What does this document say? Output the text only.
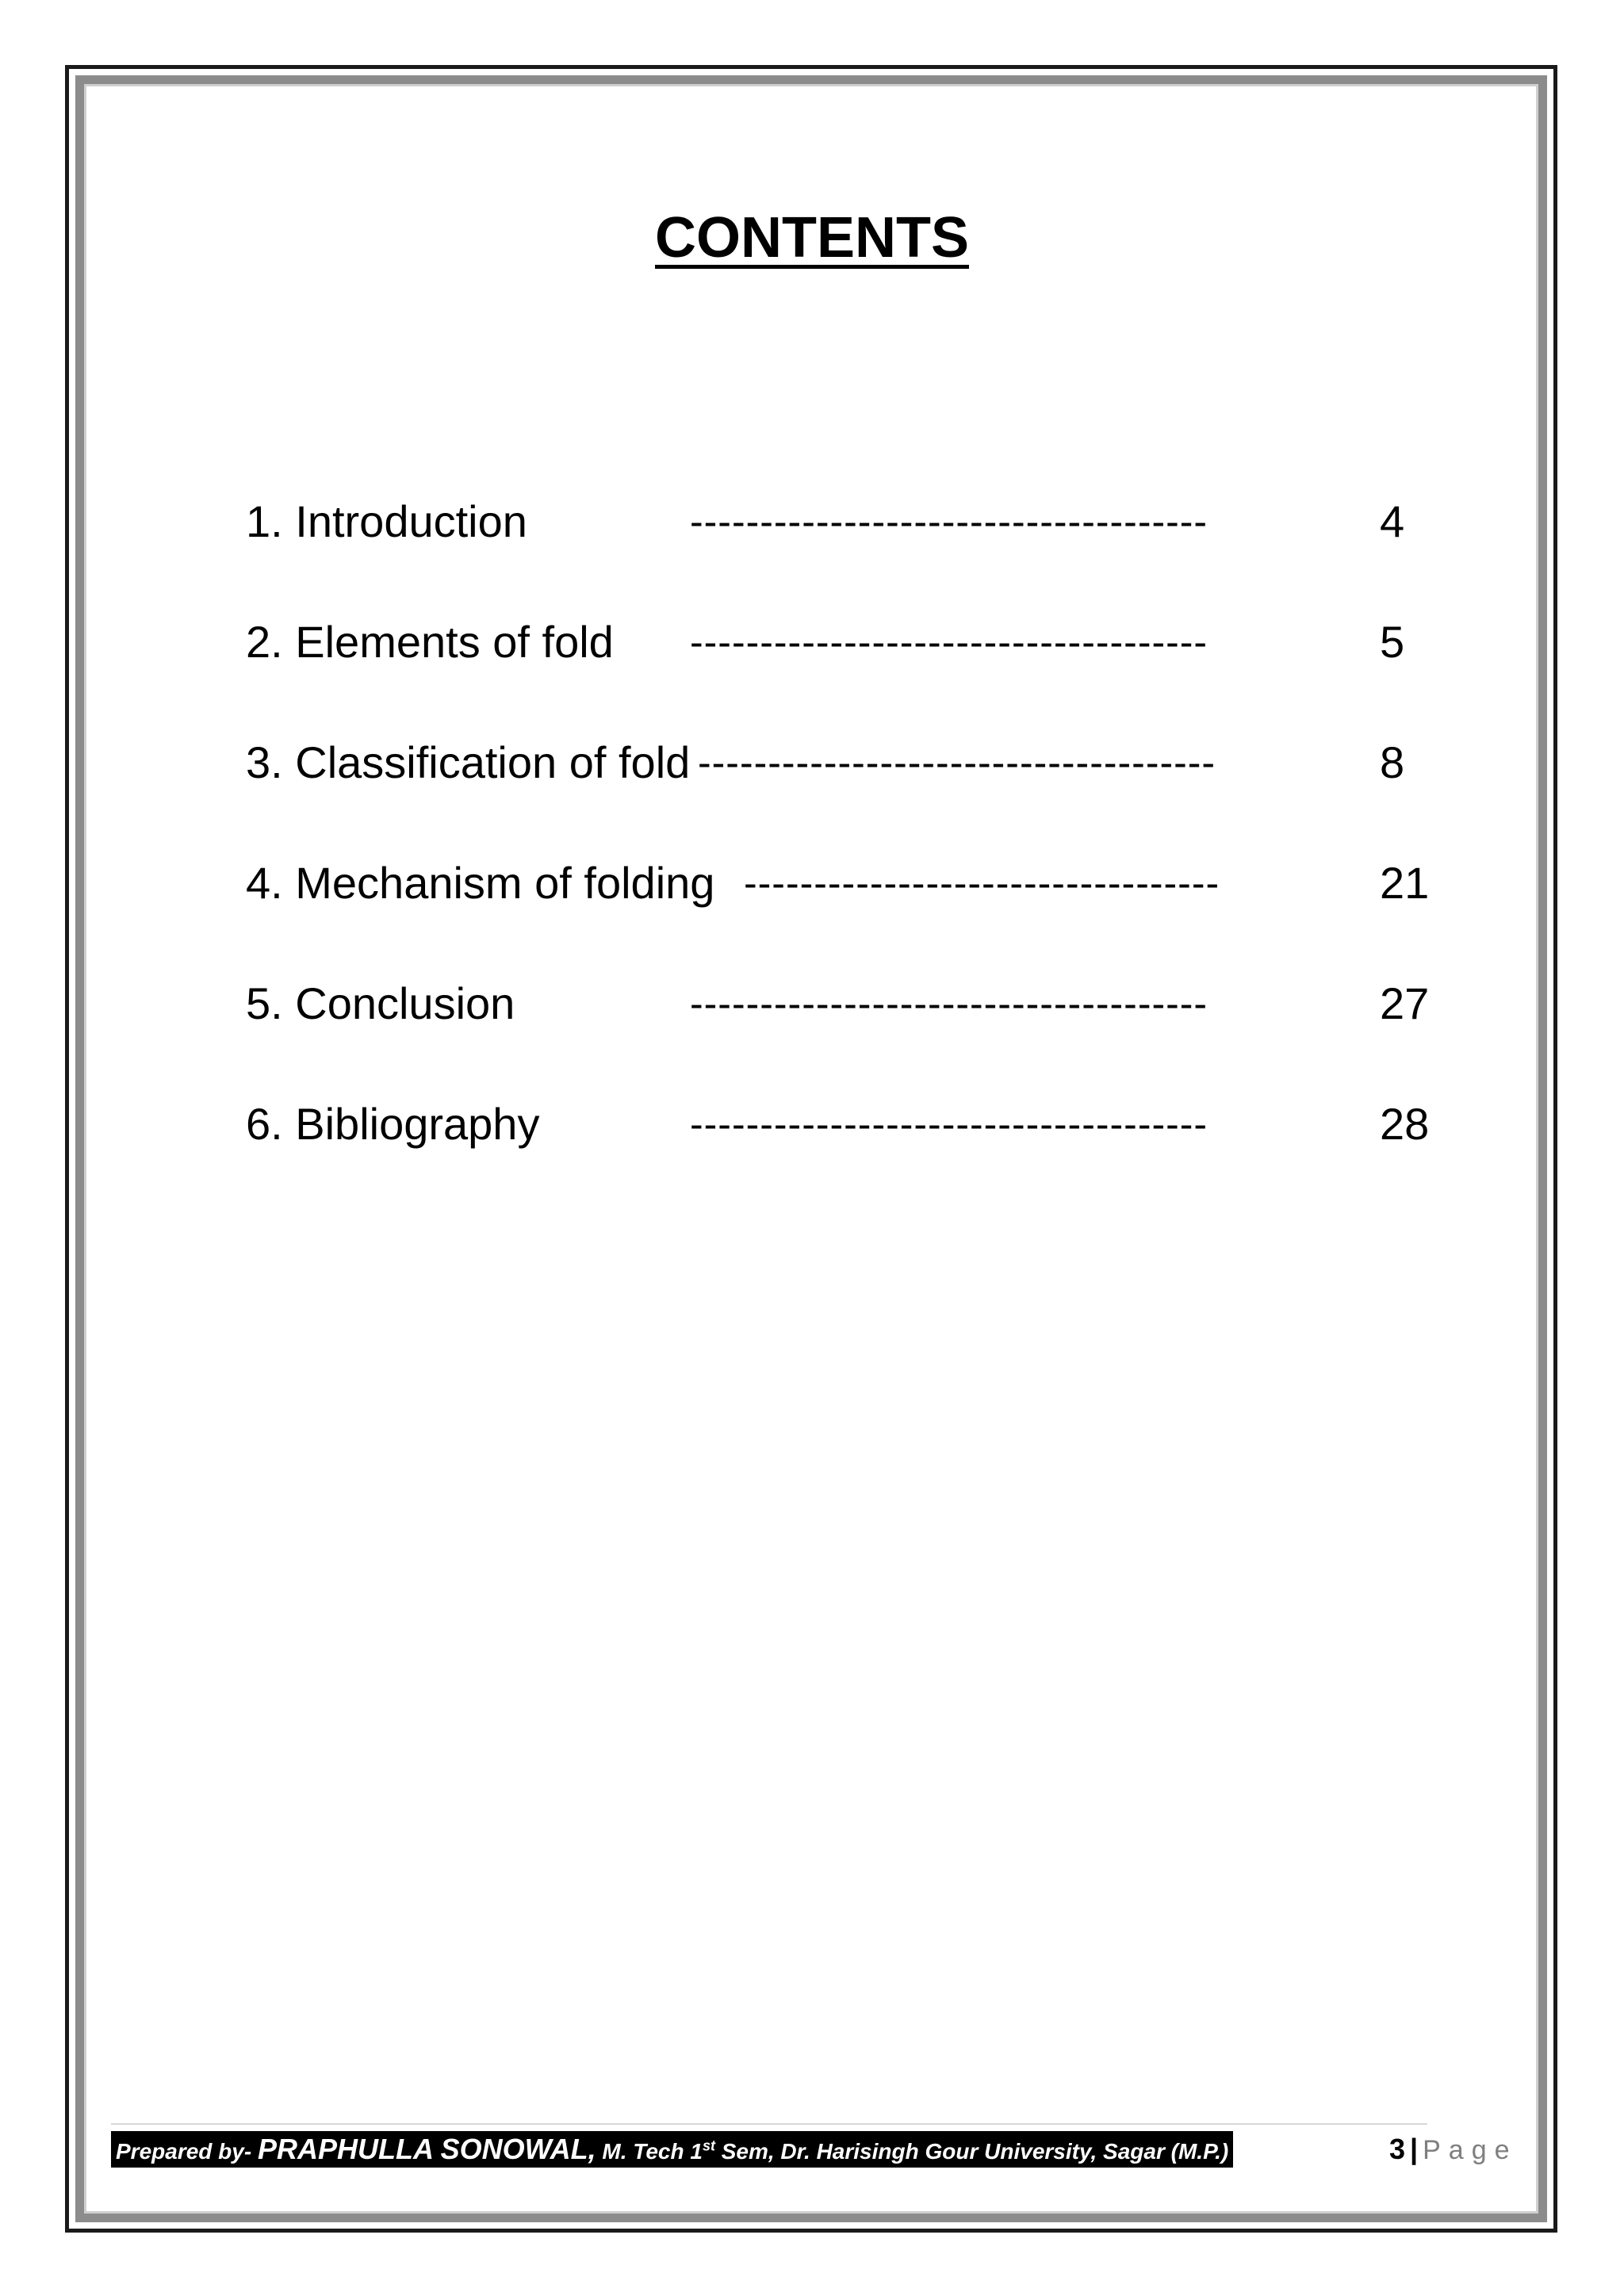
CONTENTS
1. Introduction	-------------------------------------	4
2. Elements of fold -------------------------------------	5
3. Classification of fold -------------------------------------	8
4. Mechanism of folding ----------------------------------	21
5. Conclusion	-------------------------------------	27
6. Bibliography	-------------------------------------	28
Prepared by- PRAPHULLA SONOWAL, M. Tech 1st Sem, Dr. Harisingh Gour University, Sagar (M.P.)	3 | Page
